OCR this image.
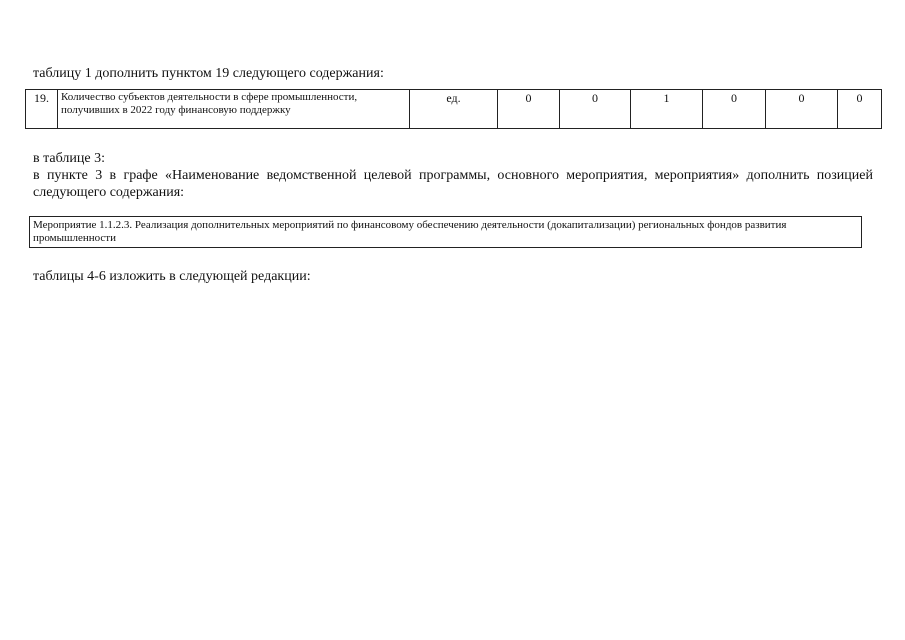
таблицу 1 дополнить пунктом 19 следующего содержания:

19.	Количество субъектов деятельности в сфере промышленности, получивших в 2022 году финансовую поддержку	ед.	0	0	1	0	0	0

в таблице 3:

в пункте 3 в графе «Наименование ведомственной целевой программы, основного мероприятия, мероприятия» дополнить позицией следующего содержания:

Мероприятие 1.1.2.3. Реализация дополнительных мероприятий по финансовому обеспечению деятельности (докапитализации) региональных фондов развития промышленности

таблицы 4-6 изложить в следующей редакции:
